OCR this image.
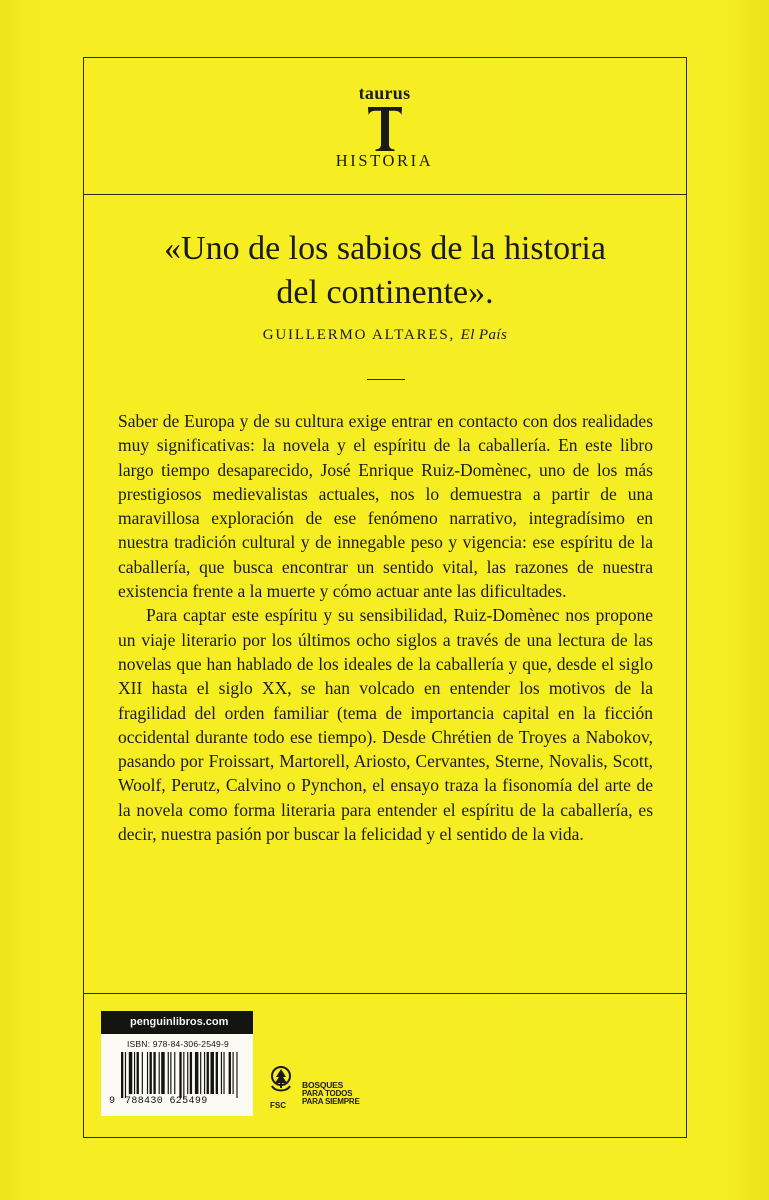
taurus
HISTORIA
«Uno de los sabios de la historia
del continente».
GUILLERMO ALTARES, El País

Saber de Europa y de su cultura exige entrar en contacto con dos realidades muy significativas: la novela y el espíritu de la caballería. En este libro largo tiempo desaparecido, José Enrique Ruiz-Domènec, uno de los más prestigiosos medievalistas actuales, nos lo demuestra a partir de una maravillosa exploración de ese fenómeno narrativo, integradísimo en nuestra tradición cultural y de innegable peso y vigencia: ese espíritu de la caballería, que busca encontrar un sentido vital, las razones de nuestra existencia frente a la muerte y cómo actuar ante las dificultades.

Para captar este espíritu y su sensibilidad, Ruiz-Domènec nos propone un viaje literario por los últimos ocho siglos a través de una lectura de las novelas que han hablado de los ideales de la caballería y que, desde el siglo XII hasta el siglo XX, se han volcado en entender los motivos de la fragilidad del orden familiar (tema de importancia capital en la ficción occidental durante todo ese tiempo). Desde Chrétien de Troyes a Nabokov, pasando por Froissart, Martorell, Ariosto, Cervantes, Sterne, Novalis, Scott, Woolf, Perutz, Calvino o Pynchon, el ensayo traza la fisonomía del arte de la novela como forma literaria para entender el espíritu de la caballería, es decir, nuestra pasión por buscar la felicidad y el sentido de la vida.

penguinlibros.com
ISBN: 978-84-306-2549-9
9 788430 625499	FSC
BOSQUES
PARA TODOS
PARA SIEMPRE
